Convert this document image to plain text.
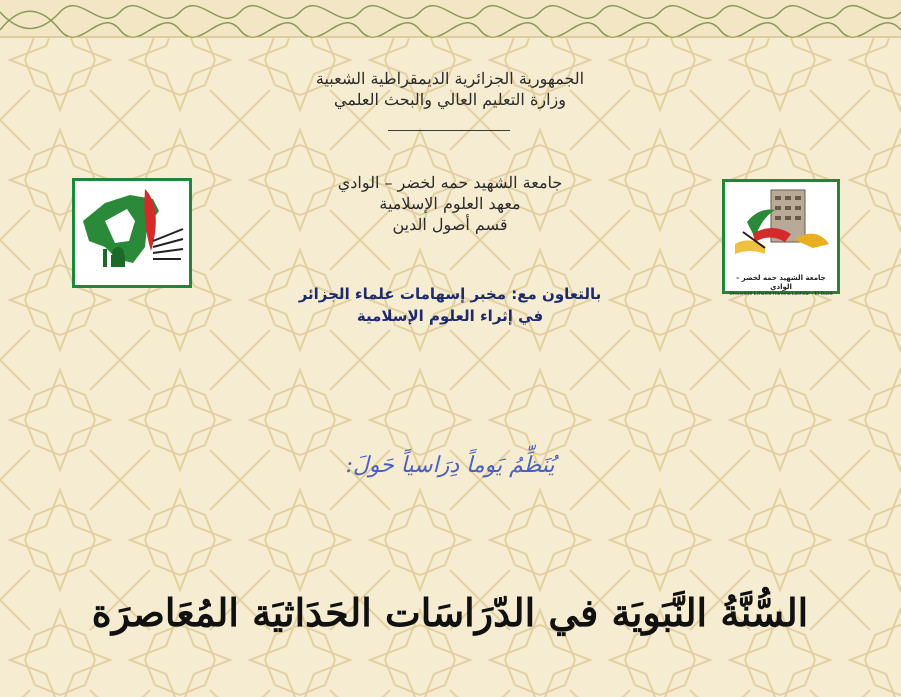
الجمهورية الجزائرية الديمقراطية الشعبية
وزارة التعليم العالي والبحث العلمي
جامعة الشهيد حمه لخضر – الوادي
معهد العلوم الإسلامية
قسم أصول الدين
بالتعاون مع: مخبر إسهامات علماء الجزائر
في إثراء العلوم الإسلامية
جامعة الشهيد حمه لخضر - الوادي
Université Echahid Hamma Lakhdar - El-Oued
يُنَظِّمُ يَوماً دِرَاسياً حَولَ:
السُّنَّةُ النَّبَويَة في الدّرَاسَات الحَدَاثيَة المُعَاصرَة
